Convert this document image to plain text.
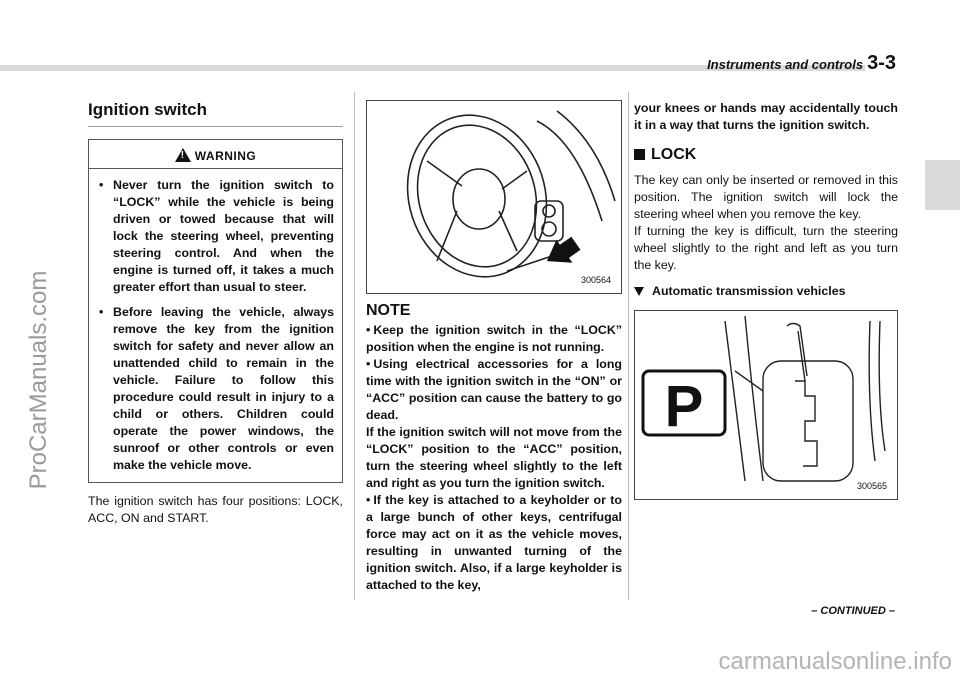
Instruments and controls 3-3
ProCarManuals.com
carmanualsonline.info
Ignition switch
!WARNING
• Never turn the ignition switch to “LOCK” while the vehicle is being driven or towed because that will lock the steering wheel, preventing steering control. And when the engine is turned off, it takes a much greater effort than usual to steer.
• Before leaving the vehicle, always remove the key from the ignition switch for safety and never allow an unattended child to remain in the vehicle. Failure to follow this procedure could result in injury to a child or others. Children could operate the power windows, the sunroof or other controls or even make the vehicle move.
The ignition switch has four positions: LOCK, ACC, ON and START.
300564
NOTE

• Keep the ignition switch in the “LOCK” position when the engine is not running.

• Using electrical accessories for a long time with the ignition switch in the “ON” or “ACC” position can cause the battery to go dead.

If the ignition switch will not move from the “LOCK” position to the “ACC” position, turn the steering wheel slightly to the left and right as you turn the ignition switch.

• If the key is attached to a keyholder or to a large bunch of other keys, centrifugal force may act on it as the vehicle moves, resulting in unwanted turning of the ignition switch. Also, if a large keyholder is attached to the key,

your knees or hands may accidentally touch it in a way that turns the ignition switch.

LOCK
The key can only be inserted or removed in this position. The ignition switch will lock the steering wheel when you remove the key.
If turning the key is difficult, turn the steering wheel slightly to the right and left as you turn the key.
Automatic transmission vehicles
P
300565
– CONTINUED –
